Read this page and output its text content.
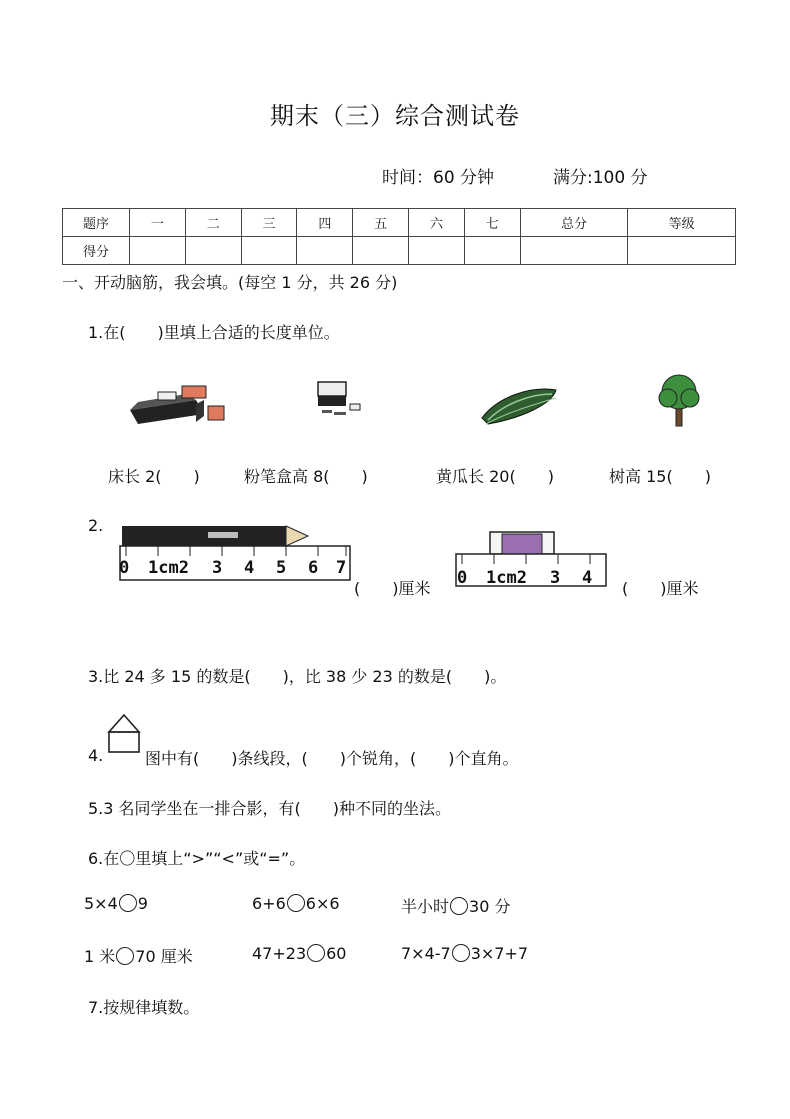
期末（三）综合测试卷
时间：60 分钟	满分:100 分
题序	一	二	三	四	五	六	七	总分	等级
得分									
一、开动脑筋，我会填。(每空 1 分，共 26 分)
1.在(　　)里填上合适的长度单位。
床长 2(　　)	粉笔盒高 8(　　)	黄瓜长 20(　　)	树高 15(　　)
2.
0 1cm2 3 4 5 6 7
(　　)厘米
0 1cm2 3 4
(　　)厘米
3.比 24 多 15 的数是(　　)，比 38 少 23 的数是(　　)。
4.	图中有(　　)条线段，(　　)个锐角，(　　)个直角。
5.3 名同学坐在一排合影，有(　　)种不同的坐法。
6.在〇里填上“>”“<”或“=”。
5×4 9	6+6 6×6	半小时 30 分
1 米 70 厘米	47+23 60	7×4-7 3×7+7
7.按规律填数。
